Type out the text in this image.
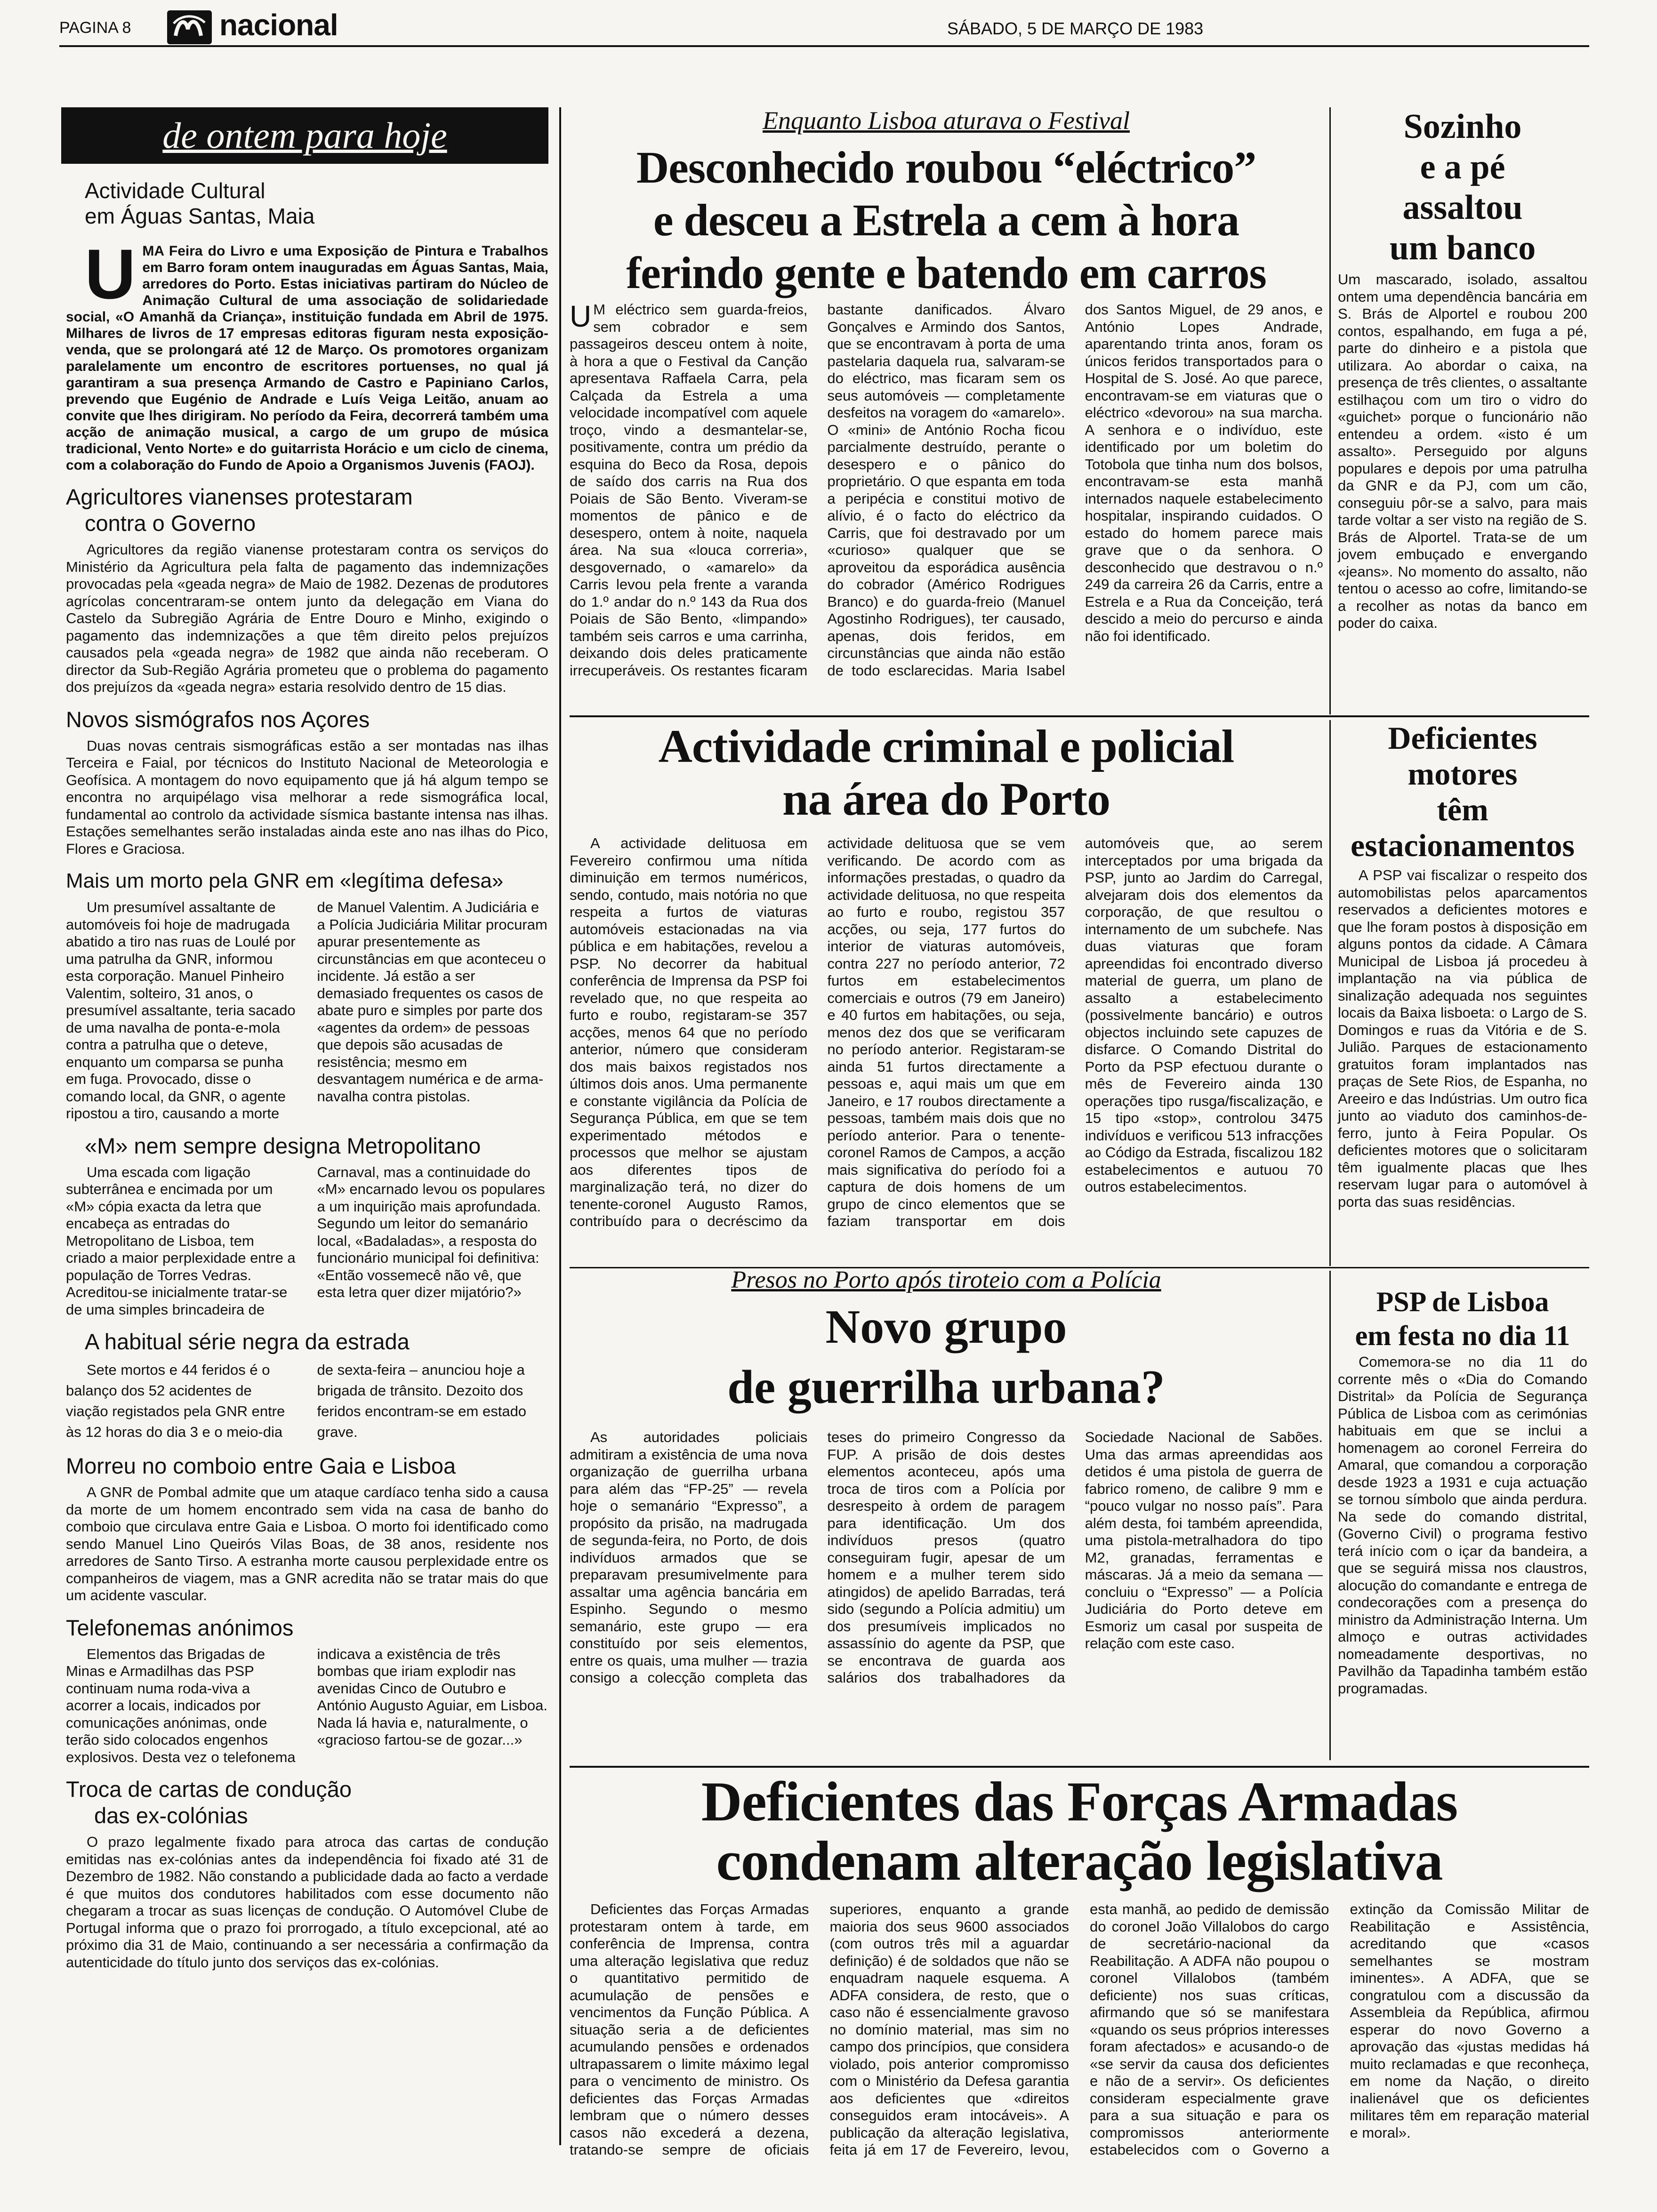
PAGINA 8	nacional	SÁBADO, 5 DE MARÇO DE 1983
de ontem para hoje
Actividade Cultural
em Águas Santas, Maia
UMA Feira do Livro e uma Exposição de Pintura e Trabalhos em Barro foram ontem inauguradas em Águas Santas, Maia, arredores do Porto. Estas iniciativas partiram do Núcleo de Animação Cultural de uma associação de solidariedade social, «O Amanhã da Criança», instituição fundada em Abril de 1975. Milhares de livros de 17 empresas editoras figuram nesta exposição-venda, que se prolongará até 12 de Março. Os promotores organizam paralelamente um encontro de escritores portuenses, no qual já garantiram a sua presença Armando de Castro e Papiniano Carlos, prevendo que Eugénio de Andrade e Luís Veiga Leitão, anuam ao convite que lhes dirigiram. No período da Feira, decorrerá também uma acção de animação musical, a cargo de um grupo de música tradicional, Vento Norte» e do guitarrista Horácio e um ciclo de cinema, com a colaboração do Fundo de Apoio a Organismos Juvenis (FAOJ).
Agricultores vianenses protestaram
contra o Governo

Agricultores da região vianense protestaram contra os serviços do Ministério da Agricultura pela falta de pagamento das indemnizações provocadas pela «geada negra» de Maio de 1982. Dezenas de produtores agrícolas concentraram-se ontem junto da delegação em Viana do Castelo da Subregião Agrária de Entre Douro e Minho, exigindo o pagamento das indemnizações a que têm direito pelos prejuízos causados pela «geada negra» de 1982 que ainda não receberam. O director da Sub-Região Agrária prometeu que o problema do pagamento dos prejuízos da «geada negra» estaria resolvido dentro de 15 dias.

Novos sismógrafos nos Açores

Duas novas centrais sismográficas estão a ser montadas nas ilhas Terceira e Faial, por técnicos do Instituto Nacional de Meteorologia e Geofísica. A montagem do novo equipamento que já há algum tempo se encontra no arquipélago visa melhorar a rede sismográfica local, fundamental ao controlo da actividade sísmica bastante intensa nas ilhas. Estações semelhantes serão instaladas ainda este ano nas ilhas do Pico, Flores e Graciosa.

Mais um morto pela GNR em «legítima defesa»

Um presumível assaltante de automóveis foi hoje de madrugada abatido a tiro nas ruas de Loulé por uma patrulha da GNR, informou esta corporação. Manuel Pinheiro Valentim, solteiro, 31 anos, o presumível assaltante, teria sacado de uma navalha de ponta-e-mola contra a patrulha que o deteve, enquanto um comparsa se punha em fuga. Provocado, disse o comando local, da GNR, o agente ripostou a tiro, causando a morte de Manuel Valentim. A Judiciária e a Polícia Judiciária Militar procuram apurar presentemente as circunstâncias em que aconteceu o incidente. Já estão a ser demasiado frequentes os casos de abate puro e simples por parte dos «agentes da ordem» de pessoas que depois são acusadas de resistência; mesmo em desvantagem numérica e de arma-navalha contra pistolas.

«M» nem sempre designa Metropolitano

Uma escada com ligação subterrânea e encimada por um «M» cópia exacta da letra que encabeça as entradas do Metropolitano de Lisboa, tem criado a maior perplexidade entre a população de Torres Vedras. Acreditou-se inicialmente tratar-se de uma simples brincadeira de Carnaval, mas a continuidade do «M» encarnado levou os populares a um inquirição mais aprofundada. Segundo um leitor do semanário local, «Badaladas», a resposta do funcionário municipal foi definitiva: «Então vossemecê não vê, que esta letra quer dizer mijatório?»

A habitual série negra da estrada

Sete mortos e 44 feridos é o balanço dos 52 acidentes de viação registados pela GNR entre às 12 horas do dia 3 e o meio-dia de sexta-feira – anunciou hoje a brigada de trânsito. Dezoito dos feridos encontram-se em estado grave.

Morreu no comboio entre Gaia e Lisboa

A GNR de Pombal admite que um ataque cardíaco tenha sido a causa da morte de um homem encontrado sem vida na casa de banho do comboio que circulava entre Gaia e Lisboa. O morto foi identificado como sendo Manuel Lino Queirós Vilas Boas, de 38 anos, residente nos arredores de Santo Tirso. A estranha morte causou perplexidade entre os companheiros de viagem, mas a GNR acredita não se tratar mais do que um acidente vascular.

Telefonemas anónimos

Elementos das Brigadas de Minas e Armadilhas das PSP continuam numa roda-viva a acorrer a locais, indicados por comunicações anónimas, onde terão sido colocados engenhos explosivos. Desta vez o telefonema indicava a existência de três bombas que iriam explodir nas avenidas Cinco de Outubro e António Augusto Aguiar, em Lisboa. Nada lá havia e, naturalmente, o «gracioso fartou-se de gozar...»

Troca de cartas de condução
das ex-colónias

O prazo legalmente fixado para atroca das cartas de condução emitidas nas ex-colónias antes da independência foi fixado até 31 de Dezembro de 1982. Não constando a publicidade dada ao facto a verdade é que muitos dos condutores habilitados com esse documento não chegaram a trocar as suas licenças de condução. O Automóvel Clube de Portugal informa que o prazo foi prorrogado, a título excepcional, até ao próximo dia 31 de Maio, continuando a ser necessária a confirmação da autenticidade do título junto dos serviços das ex-colónias.

Enquanto Lisboa aturava o Festival
Desconhecido roubou “eléctrico”
e desceu a Estrela a cem à hora
ferindo gente e batendo em carros
U M eléctrico sem guarda-freios, sem cobrador e sem passageiros desceu ontem à noite, à hora a que o Festival da Canção apresentava Raffaela Carra, pela Calçada da Estrela a uma velocidade incompatível com aquele troço, vindo a desmantelar-se, positivamente, contra um prédio da esquina do Beco da Rosa, depois de saído dos carris na Rua dos Poiais de São Bento. Viveram-se momentos de pânico e de desespero, ontem à noite, naquela área. Na sua «louca correria», desgovernado, o «amarelo» da Carris levou pela frente a varanda do 1.º andar do n.º 143 da Rua dos Poiais de São Bento, «limpando» também seis carros e uma carrinha, deixando dois deles praticamente irrecuperáveis. Os restantes ficaram bastante danificados. Álvaro Gonçalves e Armindo dos Santos, que se encontravam à porta de uma pastelaria daquela rua, salvaram-se do eléctrico, mas ficaram sem os seus automóveis — completamente desfeitos na voragem do «amarelo». O «mini» de António Rocha ficou parcialmente destruído, perante o desespero e o pânico do proprietário. O que espanta em toda a peripécia e constitui motivo de alívio, é o facto do eléctrico da Carris, que foi destravado por um «curioso» qualquer que se aproveitou da esporádica ausência do cobrador (Américo Rodrigues Branco) e do guarda-freio (Manuel Agostinho Rodrigues), ter causado, apenas, dois feridos, em circunstâncias que ainda não estão de todo esclarecidas. Maria Isabel dos Santos Miguel, de 29 anos, e António Lopes Andrade, aparentando trinta anos, foram os únicos feridos transportados para o Hospital de S. José. Ao que parece, encontravam-se em viaturas que o eléctrico «devorou» na sua marcha. A senhora e o indivíduo, este identificado por um boletim do Totobola que tinha num dos bolsos, encontravam-se esta manhã internados naquele estabelecimento hospitalar, inspirando cuidados. O estado do homem parece mais grave que o da senhora. O desconhecido que destravou o n.º 249 da carreira 26 da Carris, entre a Estrela e a Rua da Conceição, terá descido a meio do percurso e ainda não foi identificado.
Sozinho
e a pé
assaltou
um banco

Um mascarado, isolado, assaltou ontem uma dependência bancária em S. Brás de Alportel e roubou 200 contos, espalhando, em fuga a pé, parte do dinheiro e a pistola que utilizara. Ao abordar o caixa, na presença de três clientes, o assaltante estilhaçou com um tiro o vidro do «guichet» porque o funcionário não entendeu a ordem. «isto é um assalto». Perseguido por alguns populares e depois por uma patrulha da GNR e da PJ, com um cão, conseguiu pôr-se a salvo, para mais tarde voltar a ser visto na região de S. Brás de Alportel. Trata-se de um jovem embuçado e envergando «jeans». No momento do assalto, não tentou o acesso ao cofre, limitando-se a recolher as notas da banco em poder do caixa.

Actividade criminal e policial
na área do Porto

A actividade delituosa em Fevereiro confirmou uma nítida diminuição em termos numéricos, sendo, contudo, mais notória no que respeita a furtos de viaturas automóveis estacionadas na via pública e em habitações, revelou a PSP. No decorrer da habitual conferência de Imprensa da PSP foi revelado que, no que respeita ao furto e roubo, registaram-se 357 acções, menos 64 que no período anterior, número que consideram dos mais baixos registados nos últimos dois anos. Uma permanente e constante vigilância da Polícia de Segurança Pública, em que se tem experimentado métodos e processos que melhor se ajustam aos diferentes tipos de marginalização terá, no dizer do tenente-coronel Augusto Ramos, contribuído para o decréscimo da actividade delituosa que se vem verificando. De acordo com as informações prestadas, o quadro da actividade delituosa, no que respeita ao furto e roubo, registou 357 acções, ou seja, 177 furtos do interior de viaturas automóveis, contra 227 no período anterior, 72 furtos em estabelecimentos comerciais e outros (79 em Janeiro) e 40 furtos em habitações, ou seja, menos dez dos que se verificaram no período anterior. Registaram-se ainda 51 furtos directamente a pessoas e, aqui mais um que em Janeiro, e 17 roubos directamente a pessoas, também mais dois que no período anterior. Para o tenente-coronel Ramos de Campos, a acção mais significativa do período foi a captura de dois homens de um grupo de cinco elementos que se faziam transportar em dois automóveis que, ao serem interceptados por uma brigada da PSP, junto ao Jardim do Carregal, alvejaram dois dos elementos da corporação, de que resultou o internamento de um subchefe. Nas duas viaturas que foram apreendidas foi encontrado diverso material de guerra, um plano de assalto a estabelecimento (possivelmente bancário) e outros objectos incluindo sete capuzes de disfarce. O Comando Distrital do Porto da PSP efectuou durante o mês de Fevereiro ainda 130 operações tipo rusga/fiscalização, e 15 tipo «stop», controlou 3475 indivíduos e verificou 513 infracções ao Código da Estrada, fiscalizou 182 estabelecimentos e autuou 70 outros estabelecimentos.

Deficientes
motores
têm
estacionamentos

A PSP vai fiscalizar o respeito dos automobilistas pelos aparcamentos reservados a deficientes motores e que lhe foram postos à disposição em alguns pontos da cidade. A Câmara Municipal de Lisboa já procedeu à implantação na via pública de sinalização adequada nos seguintes locais da Baixa lisboeta: o Largo de S. Domingos e ruas da Vitória e de S. Julião. Parques de estacionamento gratuitos foram implantados nas praças de Sete Rios, de Espanha, no Areeiro e das Indústrias. Um outro fica junto ao viaduto dos caminhos-de-ferro, junto à Feira Popular. Os deficientes motores que o solicitaram têm igualmente placas que lhes reservam lugar para o automóvel à porta das suas residências.

Presos no Porto após tiroteio com a Polícia
Novo grupo
de guerrilha urbana?

As autoridades policiais admitiram a existência de uma nova organização de guerrilha urbana para além das “FP-25” — revela hoje o semanário “Expresso”, a propósito da prisão, na madrugada de segunda-feira, no Porto, de dois indivíduos armados que se preparavam presumivelmente para assaltar uma agência bancária em Espinho. Segundo o mesmo semanário, este grupo — era constituído por seis elementos, entre os quais, uma mulher — trazia consigo a colecção completa das teses do primeiro Congresso da FUP. A prisão de dois destes elementos aconteceu, após uma troca de tiros com a Polícia por desrespeito à ordem de paragem para identificação. Um dos indivíduos presos (quatro conseguiram fugir, apesar de um homem e a mulher terem sido atingidos) de apelido Barradas, terá sido (segundo a Polícia admitiu) um dos presumíveis implicados no assassínio do agente da PSP, que se encontrava de guarda aos salários dos trabalhadores da Sociedade Nacional de Sabões. Uma das armas apreendidas aos detidos é uma pistola de guerra de fabrico romeno, de calibre 9 mm e “pouco vulgar no nosso país”. Para além desta, foi também apreendida, uma pistola-metralhadora do tipo M2, granadas, ferramentas e máscaras. Já a meio da semana — concluiu o “Expresso” — a Polícia Judiciária do Porto deteve em Esmoriz um casal por suspeita de relação com este caso.

PSP de Lisboa
em festa no dia 11

Comemora-se no dia 11 do corrente mês o «Dia do Comando Distrital» da Polícia de Segurança Pública de Lisboa com as cerimónias habituais em que se inclui a homenagem ao coronel Ferreira do Amaral, que comandou a corporação desde 1923 a 1931 e cuja actuação se tornou símbolo que ainda perdura. Na sede do comando distrital, (Governo Civil) o programa festivo terá início com o içar da bandeira, a que se seguirá missa nos claustros, alocução do comandante e entrega de condecorações com a presença do ministro da Administração Interna. Um almoço e outras actividades nomeadamente desportivas, no Pavilhão da Tapadinha também estão programadas.

Deficientes das Forças Armadas
condenam alteração legislativa

Deficientes das Forças Armadas protestaram ontem à tarde, em conferência de Imprensa, contra uma alteração legislativa que reduz o quantitativo permitido de acumulação de pensões e vencimentos da Função Pública. A situação seria a de deficientes acumulando pensões e ordenados ultrapassarem o limite máximo legal para o vencimento de ministro. Os deficientes das Forças Armadas lembram que o número desses casos não excederá a dezena, tratando-se sempre de oficiais superiores, enquanto a grande maioria dos seus 9600 associados (com outros três mil a aguardar definição) é de soldados que não se enquadram naquele esquema. A ADFA considera, de resto, que o caso não é essencialmente gravoso no domínio material, mas sim no campo dos princípios, que considera violado, pois anterior compromisso com o Ministério da Defesa garantia aos deficientes que «direitos conseguidos eram intocáveis». A publicação da alteração legislativa, feita já em 17 de Fevereiro, levou, esta manhã, ao pedido de demissão do coronel João Villalobos do cargo de secretário-nacional da Reabilitação. A ADFA não poupou o coronel Villalobos (também deficiente) nos suas críticas, afirmando que só se manifestara «quando os seus próprios interesses foram afectados» e acusando-o de «se servir da causa dos deficientes e não de a servir». Os deficientes consideram especialmente grave para a sua situação e para os compromissos anteriormente estabelecidos com o Governo a extinção da Comissão Militar de Reabilitação e Assistência, acreditando que «casos semelhantes se mostram iminentes». A ADFA, que se congratulou com a discussão da Assembleia da República, afirmou esperar do novo Governo a aprovação das «justas medidas há muito reclamadas e que reconheça, em nome da Nação, o direito inalienável que os deficientes militares têm em reparação material e moral».
